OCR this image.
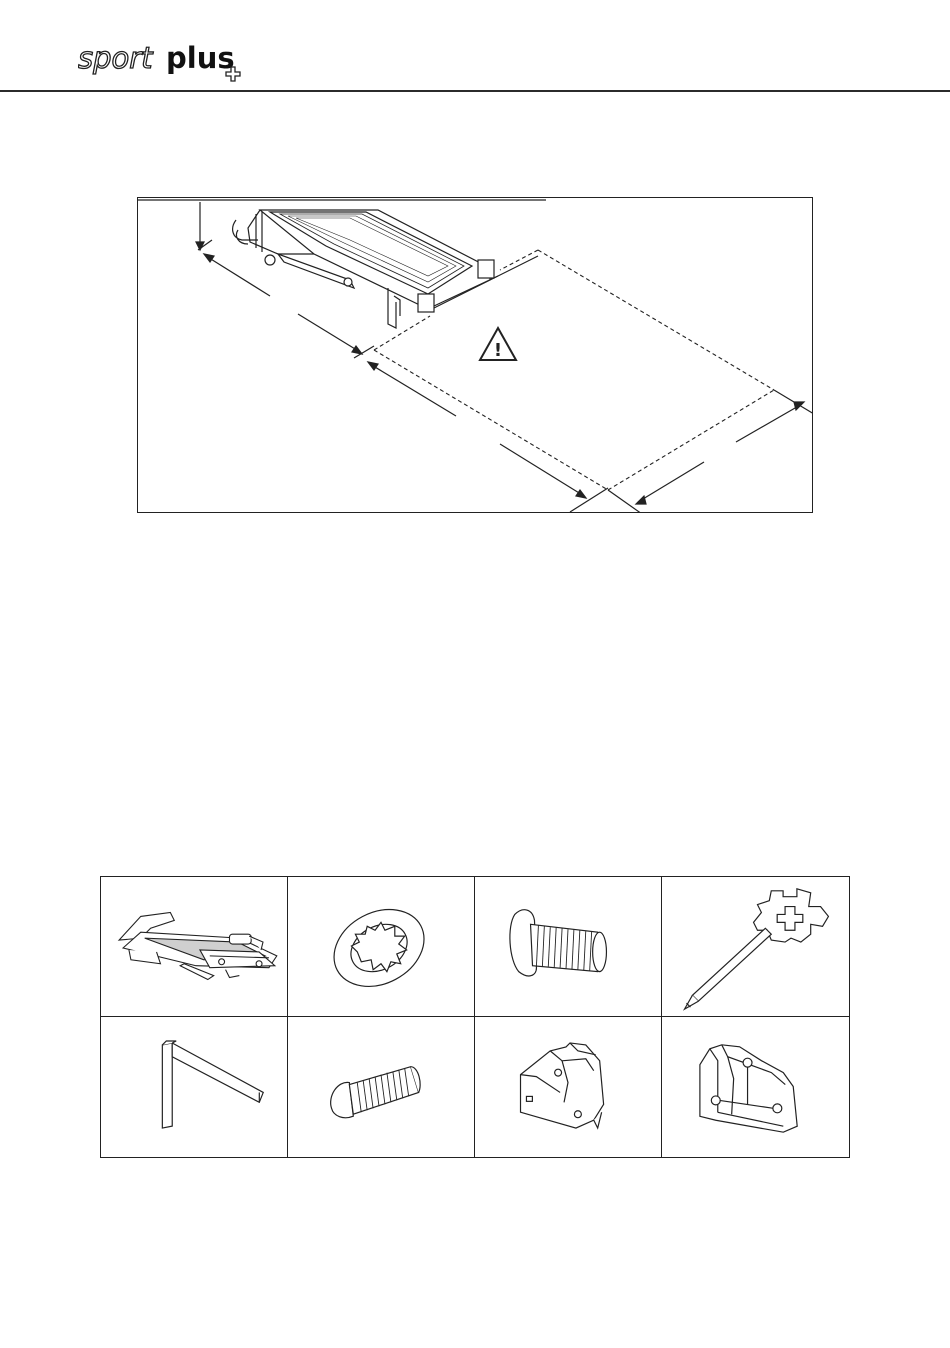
sport plus
!
